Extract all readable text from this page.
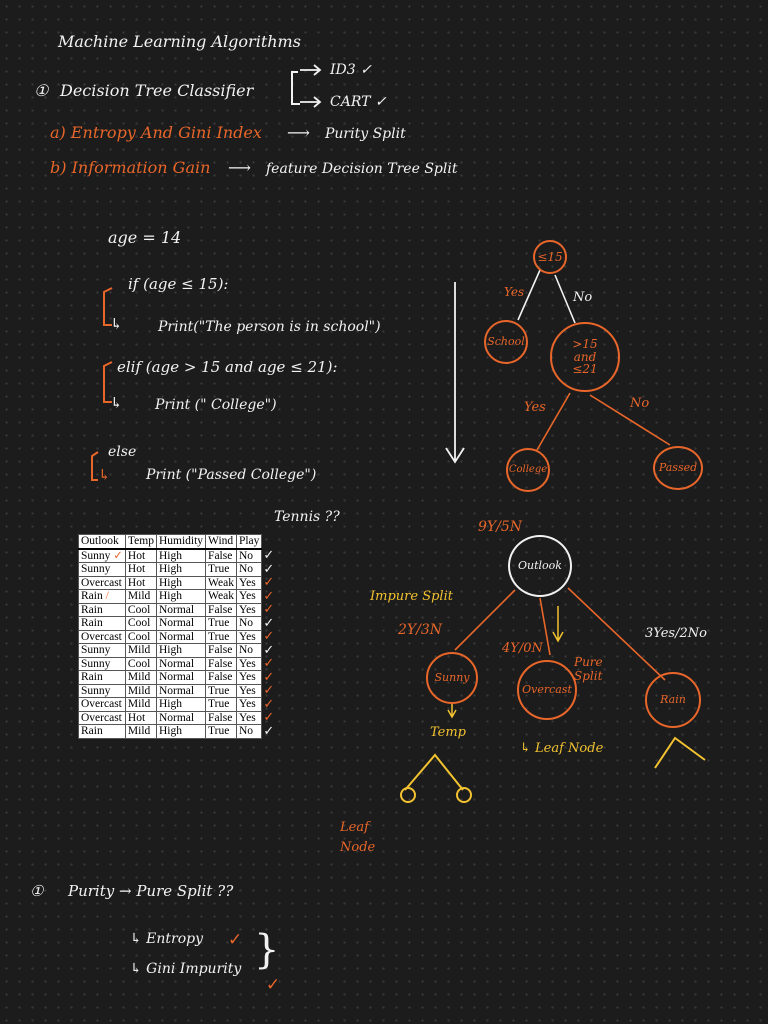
Machine Learning Algorithms
① Decision Tree Classifier
ID3 ✓
CART ✓
a) Entropy And Gini Index ⟶ Purity Split
b) Information Gain ⟶ feature Decision Tree Split
age = 14
if (age ≤ 15):
↳	Print("The person is in school")
elif (age > 15 and age ≤ 21):
↳ Print (" College")
else
↳	Print ("Passed College")
≤15
Yes	No
School	>15 and ≤21
Yes	No
College	Passed
Tennis ??
Outlook	Temp	Humidity	Wind	Play
Sunny ✓	Hot	High	False	No
Sunny	Hot	High	True	No
Overcast	Hot	High	Weak	Yes
Rain /	Mild	High	Weak	Yes
Rain	Cool	Normal	False	Yes
Rain	Cool	Normal	True	No
Overcast	Cool	Normal	True	Yes
Sunny	Mild	High	False	No
Sunny	Cool	Normal	False	Yes
Rain	Mild	Normal	False	Yes
Sunny	Mild	Normal	True	Yes
Overcast	Mild	High	True	Yes
Overcast	Hot	Normal	False	Yes
Rain	Mild	High	True	No
✓
✓
✓
✓
✓
✓
✓
✓
✓
✓
✓
✓
✓
✓
9Y/5N
Outlook
Impure Split
2Y/3N
4Y/0N
3Yes/2No
Pure Split
Sunny
Overcast
Rain
Temp
↳ Leaf Node
Leaf Node
① Purity → Pure Split ??
↳ Entropy ✓
↳ Gini Impurity }
✓
